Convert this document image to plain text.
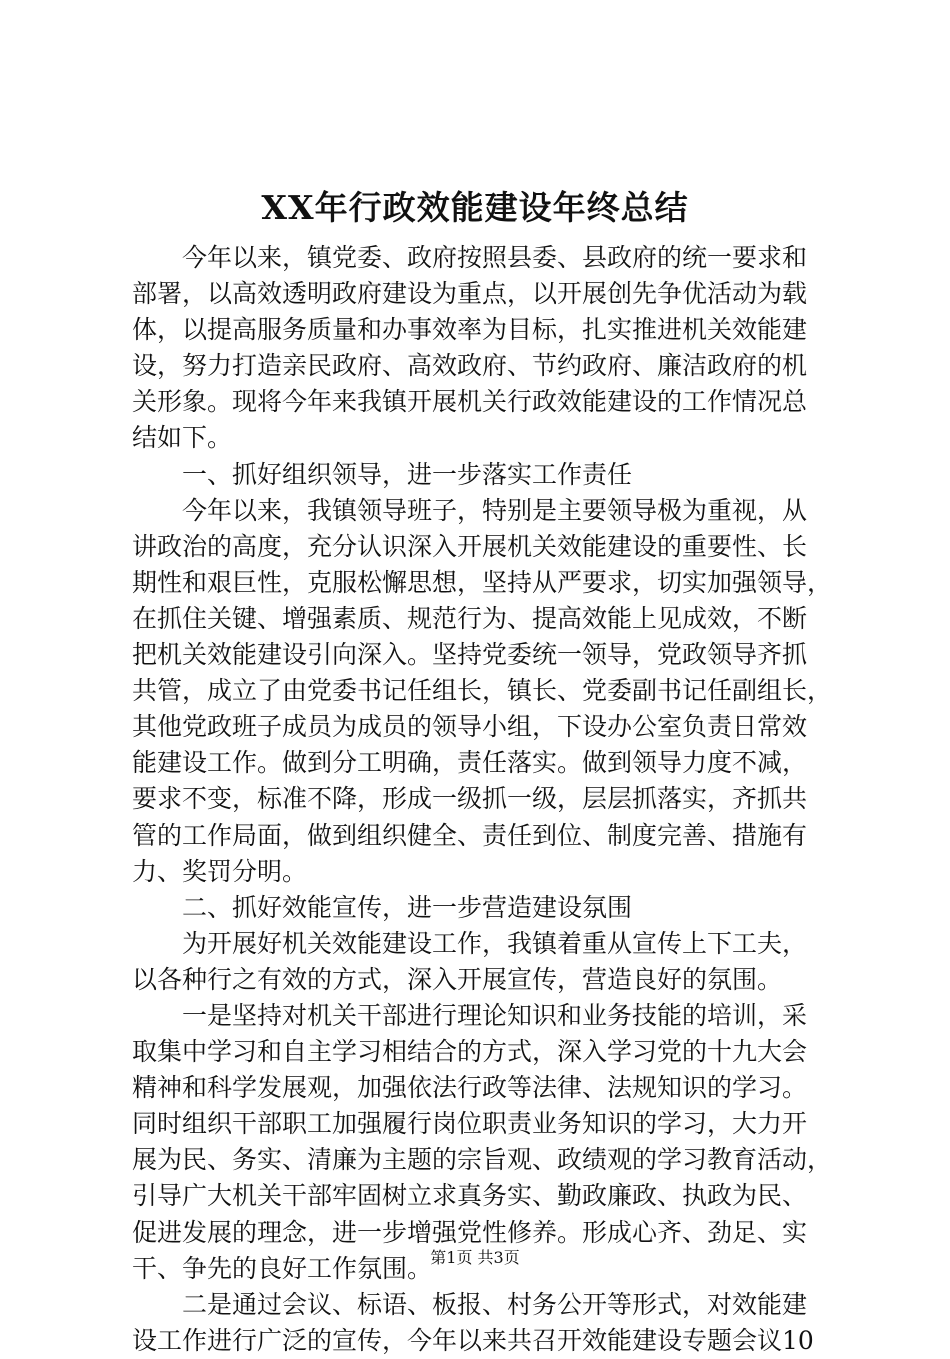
XX年行政效能建设年终总结
今年以来，镇党委、政府按照县委、县政府的统一要求和
部署，以高效透明政府建设为重点，以开展创先争优活动为载
体，以提高服务质量和办事效率为目标，扎实推进机关效能建
设，努力打造亲民政府、高效政府、节约政府、廉洁政府的机
关形象。现将今年来我镇开展机关行政效能建设的工作情况总
结如下。
一、抓好组织领导，进一步落实工作责任
今年以来，我镇领导班子，特别是主要领导极为重视，从
讲政治的高度，充分认识深入开展机关效能建设的重要性、长
期性和艰巨性，克服松懈思想，坚持从严要求，切实加强领导，
在抓住关键、增强素质、规范行为、提高效能上见成效，不断
把机关效能建设引向深入。坚持党委统一领导，党政领导齐抓
共管，成立了由党委书记任组长，镇长、党委副书记任副组长，
其他党政班子成员为成员的领导小组，下设办公室负责日常效
能建设工作。做到分工明确，责任落实。做到领导力度不减，
要求不变，标准不降，形成一级抓一级，层层抓落实，齐抓共
管的工作局面，做到组织健全、责任到位、制度完善、措施有
力、奖罚分明。
二、抓好效能宣传，进一步营造建设氛围
为开展好机关效能建设工作，我镇着重从宣传上下工夫，
以各种行之有效的方式，深入开展宣传，营造良好的氛围。
一是坚持对机关干部进行理论知识和业务技能的培训，采
取集中学习和自主学习相结合的方式，深入学习党的十九大会
精神和科学发展观，加强依法行政等法律、法规知识的学习。
同时组织干部职工加强履行岗位职责业务知识的学习，大力开
展为民、务实、清廉为主题的宗旨观、政绩观的学习教育活动，
引导广大机关干部牢固树立求真务实、勤政廉政、执政为民、
促进发展的理念，进一步增强党性修养。形成心齐、劲足、实
干、争先的良好工作氛围。
二是通过会议、标语、板报、村务公开等形式，对效能建
设工作进行广泛的宣传，今年以来共召开效能建设专题会议10
第1页 共3页
